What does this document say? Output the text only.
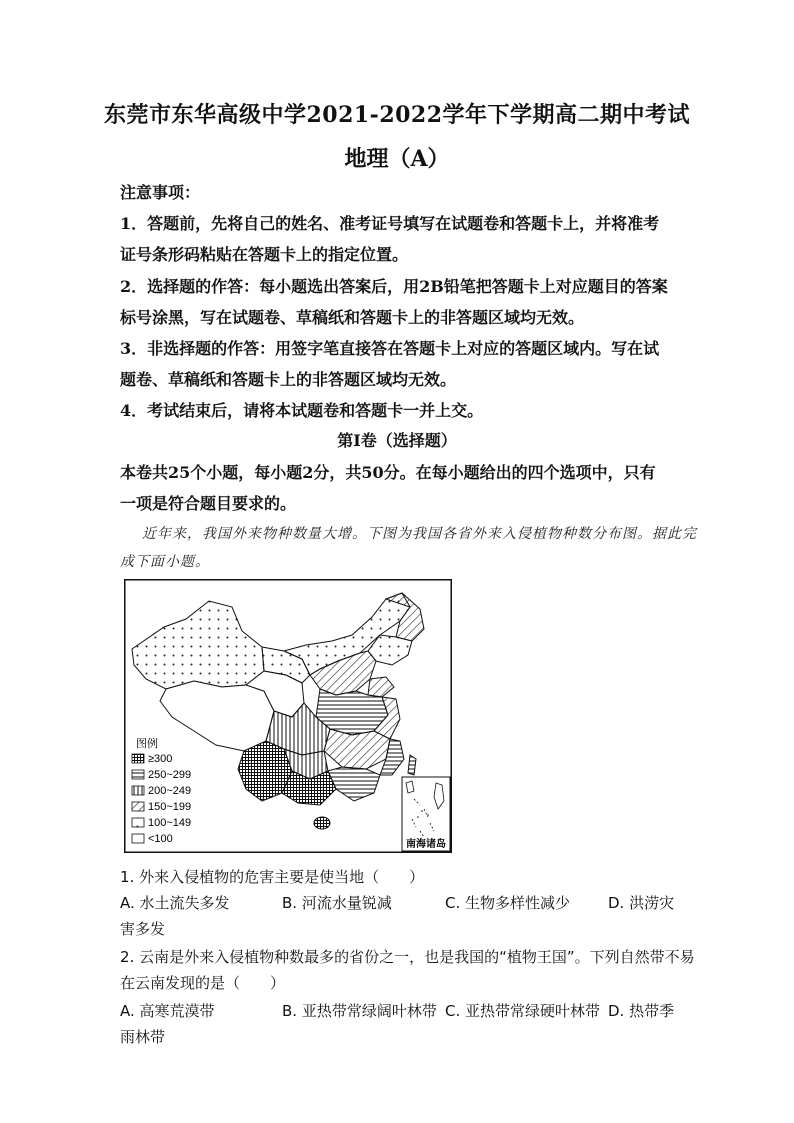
东莞市东华高级中学2021-2022学年下学期高二期中考试
地理（A）
注意事项：
1．答题前，先将自己的姓名、准考证号填写在试题卷和答题卡上，并将准考
证号条形码粘贴在答题卡上的指定位置。
2．选择题的作答：每小题选出答案后，用2B铅笔把答题卡上对应题目的答案
标号涂黑，写在试题卷、草稿纸和答题卡上的非答题区域均无效。
3．非选择题的作答：用签字笔直接答在答题卡上对应的答题区域内。写在试
题卷、草稿纸和答题卡上的非答题区域均无效。
4．考试结束后，请将本试题卷和答题卡一并上交。
第Ⅰ卷（选择题）
本卷共25个小题，每小题2分，共50分。在每小题给出的四个选项中，只有
一项是符合题目要求的。
近年来，我国外来物种数量大增。下图为我国各省外来入侵植物种数分布图。据此完
成下面小题。
图例
≥300
250~299
200~249
150~199
100~149
<100	南海诸岛
1. 外来入侵植物的危害主要是使当地（　　）
A. 水土流失多发	B. 河流水量锐减	C. 生物多样性减少	D. 洪涝灾
害多发
2. 云南是外来入侵植物种数最多的省份之一，也是我国的“植物王国”。下列自然带不易
在云南发现的是（　　）
A. 高寒荒漠带	B. 亚热带常绿阔叶林带 C. 亚热带常绿硬叶林带 D. 热带季
雨林带
